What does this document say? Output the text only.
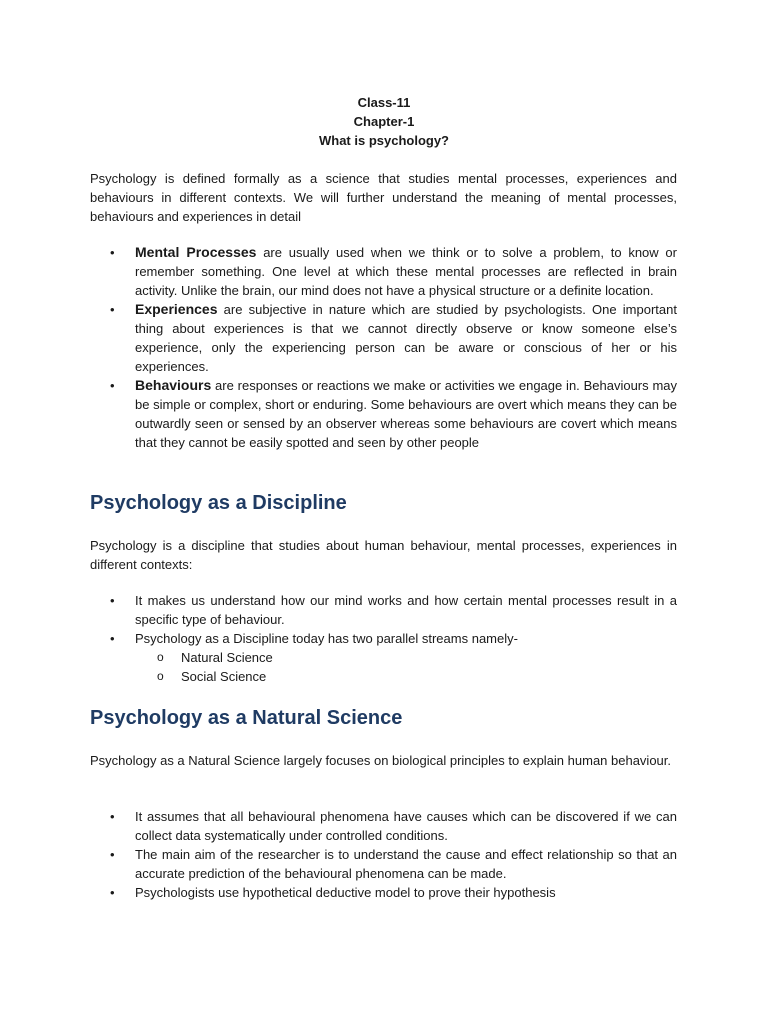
Class-11
Chapter-1
What is psychology?

Psychology is defined formally as a science that studies mental processes, experiences and behaviours in different contexts. We will further understand the meaning of mental processes, behaviours and experiences in detail

• Mental Processes are usually used when we think or to solve a problem, to know or remember something. One level at which these mental processes are reflected in brain activity. Unlike the brain, our mind does not have a physical structure or a definite location.
• Experiences are subjective in nature which are studied by psychologists. One important thing about experiences is that we cannot directly observe or know someone else’s experience, only the experiencing person can be aware or conscious of her or his experiences.
• Behaviours are responses or reactions we make or activities we engage in. Behaviours may be simple or complex, short or enduring. Some behaviours are overt which means they can be outwardly seen or sensed by an observer whereas some behaviours are covert which means that they cannot be easily spotted and seen by other people
Psychology as a Discipline

Psychology is a discipline that studies about human behaviour, mental processes, experiences in different contexts:

• It makes us understand how our mind works and how certain mental processes result in a specific type of behaviour.
• Psychology as a Discipline today has two parallel streams namely-
o Natural Science
o Social Science
Psychology as a Natural Science

Psychology as a Natural Science largely focuses on biological principles to explain human behaviour.

• It assumes that all behavioural phenomena have causes which can be discovered if we can collect data systematically under controlled conditions.
• The main aim of the researcher is to understand the cause and effect relationship so that an accurate prediction of the behavioural phenomena can be made.
• Psychologists use hypothetical deductive model to prove their hypothesis
